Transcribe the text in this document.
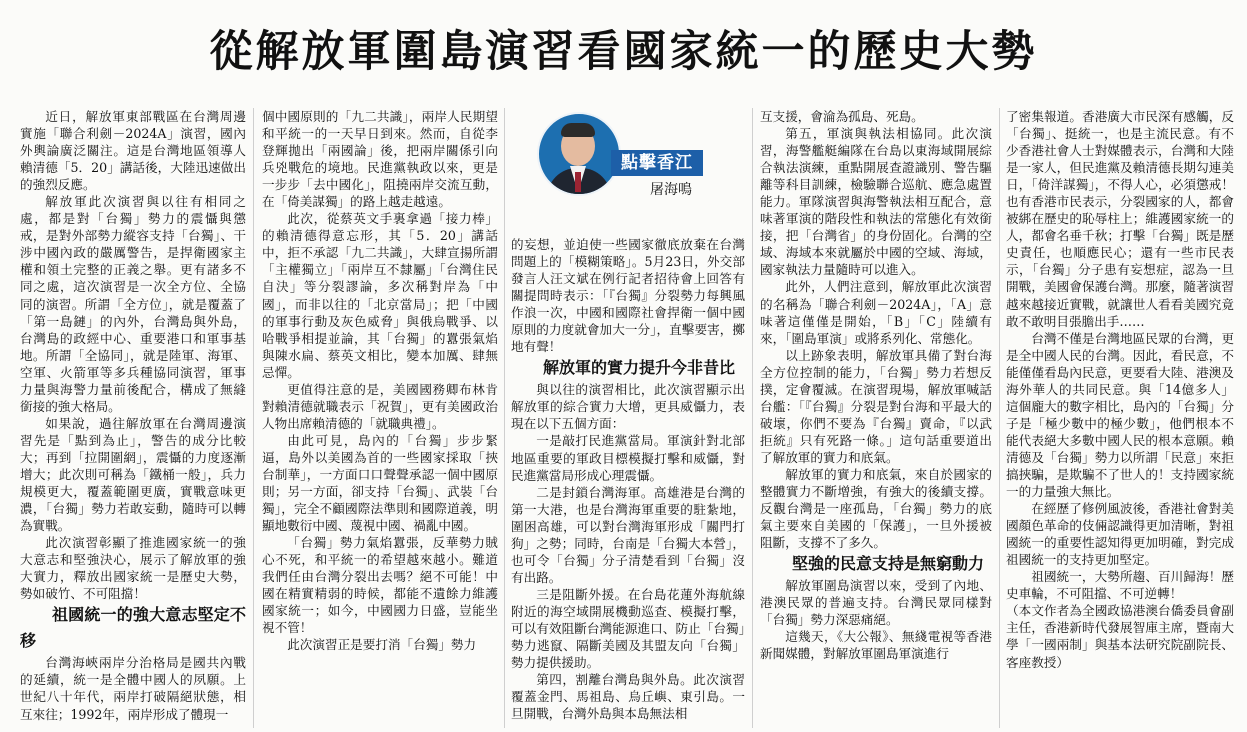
從解放軍圍島演習看國家統一的歷史大勢

近日，解放軍東部戰區在台灣周邊實施「聯合利劍－2024A」演習，國內外輿論廣泛關注。這是台灣地區領導人賴清德「5．20」講話後，大陸迅速做出的強烈反應。

解放軍此次演習與以往有相同之處，都是對「台獨」勢力的震懾與懲戒，是對外部勢力縱容支持「台獨」、干涉中國內政的嚴厲警告，是捍衛國家主權和領土完整的正義之舉。更有諸多不同之處，這次演習是一次全方位、全協同的演習。所謂「全方位」，就是覆蓋了「第一島鏈」的內外，台灣島與外島，台灣島的政經中心、重要港口和軍事基地。所謂「全協同」，就是陸軍、海軍、空軍、火箭軍等多兵種協同演習，軍事力量與海警力量前後配合，構成了無縫銜接的強大格局。

如果說，過往解放軍在台灣周邊演習先是「點到為止」，警告的成分比較大；再到「拉開圍網」，震懾的力度逐漸增大；此次則可稱為「鐵桶一般」，兵力規模更大，覆蓋範圍更廣，實戰意味更濃，「台獨」勢力若敢妄動，隨時可以轉為實戰。

此次演習彰顯了推進國家統一的強大意志和堅強決心，展示了解放軍的強大實力，釋放出國家統一是歷史大勢，勢如破竹、不可阻擋！

祖國統一的強大意志堅定不移

台灣海峽兩岸分治格局是國共內戰的延續，統一是全體中國人的夙願。上世紀八十年代，兩岸打破隔絕狀態，相互來往；1992年，兩岸形成了體現一

個中國原則的「九二共識」，兩岸人民期望和平統一的一天早日到來。然而，自從李登輝拋出「兩國論」後，把兩岸關係引向兵兇戰危的境地。民進黨執政以來，更是一步步「去中國化」，阻撓兩岸交流互動，在「倚美謀獨」的路上越走越遠。

此次，從蔡英文手裏拿過「接力棒」的賴清德得意忘形，其「5．20」講話中，拒不承認「九二共識」，大肆宣揚所謂「主權獨立」「兩岸互不隸屬」「台灣住民自決」等分裂謬論，多次稱對岸為「中國」，而非以往的「北京當局」；把「中國的軍事行動及灰色威脅」與俄烏戰爭、以哈戰爭相提並論，其「台獨」的囂張氣焰與陳水扁、蔡英文相比，變本加厲、肆無忌憚。

更值得注意的是，美國國務卿布林肯對賴清德就職表示「祝賀」，更有美國政治人物出席賴清德的「就職典禮」。

由此可見，島內的「台獨」步步緊逼，島外以美國為首的一些國家採取「挾台制華」，一方面口口聲聲承認一個中國原則；另一方面，卻支持「台獨」、武裝「台獨」，完全不顧國際法準則和國際道義，明顯地數衍中國、蔑視中國、禍亂中國。

「台獨」勢力氣焰囂張，反華勢力賊心不死，和平統一的希望越來越小。難道我們任由台灣分裂出去嗎？絕不可能！中國在精實精弱的時候，都能不遺餘力維護國家統一；如今，中國國力日盛，豈能坐視不管！

此次演習正是要打消「台獨」勢力

點擊香江
屠海鳴

的妄想，並迫使一些國家徹底放棄在台灣問題上的「模糊策略」。5月23日，外交部發言人汪文斌在例行記者招待會上回答有關提問時表示：「『台獨』分裂勢力每興風作浪一次，中國和國際社會捍衛一個中國原則的力度就會加大一分」，直擊要害，擲地有聲！

解放軍的實力提升今非昔比

與以往的演習相比，此次演習顯示出解放軍的綜合實力大增，更具威懾力，表現在以下五個方面：

一是敲打民進黨當局。軍演針對北部地區重要的軍政目標模擬打擊和威懾，對民進黨當局形成心理震懾。

二是封鎖台灣海軍。高雄港是台灣的第一大港，也是台灣海軍重要的駐紮地，圍困高雄，可以對台灣海軍形成「關門打狗」之勢；同時，台南是「台獨大本營」，也可令「台獨」分子清楚看到「台獨」沒有出路。

三是阻斷外援。在台島花蓮外海航線附近的海空域開展機動巡查、模擬打擊，可以有效阻斷台灣能源進口、防止「台獨」勢力逃竄、隔斷美國及其盟友向「台獨」勢力提供援助。

第四，割離台灣島與外島。此次演習覆蓋金門、馬祖島、烏丘嶼、東引島。一旦開戰，台灣外島與本島無法相

互支援，會淪為孤島、死島。

第五，軍演與執法相協同。此次演習，海警艦艇編隊在台島以東海域開展綜合執法演練，重點開展查證識別、警告驅離等科目訓練，檢驗聯合巡航、應急處置能力。軍隊演習與海警執法相互配合，意味著軍演的階段性和執法的常態化有效銜接，把「台灣省」的身份固化。台灣的空域、海域本來就屬於中國的空域、海域，國家執法力量隨時可以進入。

此外，人們注意到，解放軍此次演習的名稱為「聯合利劍－2024A」，「A」意味著這僅僅是開始，「B」「C」陸續有來，「圍島軍演」或將系列化、常態化。

以上跡象表明，解放軍具備了對台海全方位控制的能力，「台獨」勢力若想反撲，定會覆滅。在演習現場，解放軍喊話台艦：「『台獨』分裂是對台海和平最大的破壞，你們不要為『台獨』賣命，『以武拒統』只有死路一條。」這句話重要道出了解放軍的實力和底氣。

解放軍的實力和底氣，來自於國家的整體實力不斷增強，有強大的後續支撐。反觀台灣是一座孤島，「台獨」勢力的底氣主要來自美國的「保護」，一旦外援被阻斷，支撐不了多久。

堅強的民意支持是無窮動力

解放軍圍島演習以來，受到了內地、港澳民眾的普遍支持。台灣民眾同樣對「台獨」勢力深惡痛絕。

這幾天，《大公報》、無綫電視等香港新聞媒體，對解放軍圍島軍演進行

了密集報道。香港廣大市民深有感觸，反「台獨」、挺統一，也是主流民意。有不少香港社會人士對媒體表示，台灣和大陸是一家人，但民進黨及賴清德長期勾連美日，「倚洋謀獨」，不得人心，必須懲戒！也有香港市民表示，分裂國家的人，都會被綁在歷史的恥辱柱上；維護國家統一的人，都會名垂千秋；打擊「台獨」既是歷史責任，也順應民心；還有一些市民表示，「台獨」分子患有妄想症，認為一旦開戰，美國會保護台灣。那麼，隨著演習越來越接近實戰，就讓世人看看美國究竟敢不敢明目張膽出手……

台灣不僅是台灣地區民眾的台灣，更是全中國人民的台灣。因此，看民意，不能僅僅看島內民意，更要看大陸、港澳及海外華人的共同民意。與「14億多人」這個龐大的數字相比，島內的「台獨」分子是「極少數中的極少數」，他們根本不能代表絕大多數中國人民的根本意願。賴清德及「台獨」勢力以所謂「民意」來拒搞挾騙，是欺騙不了世人的！支持國家統一的力量強大無比。

在經歷了修例風波後，香港社會對美國顏色革命的伎倆認識得更加清晰，對祖國統一的重要性認知得更加明確，對完成祖國統一的支持更加堅定。

祖國統一，大勢所趨、百川歸海！歷史車輪，不可阻擋、不可逆轉！

（本文作者為全國政協港澳台僑委員會副主任，香港新時代發展智庫主席，暨南大學「一國兩制」與基本法研究院副院長、客座教授）
